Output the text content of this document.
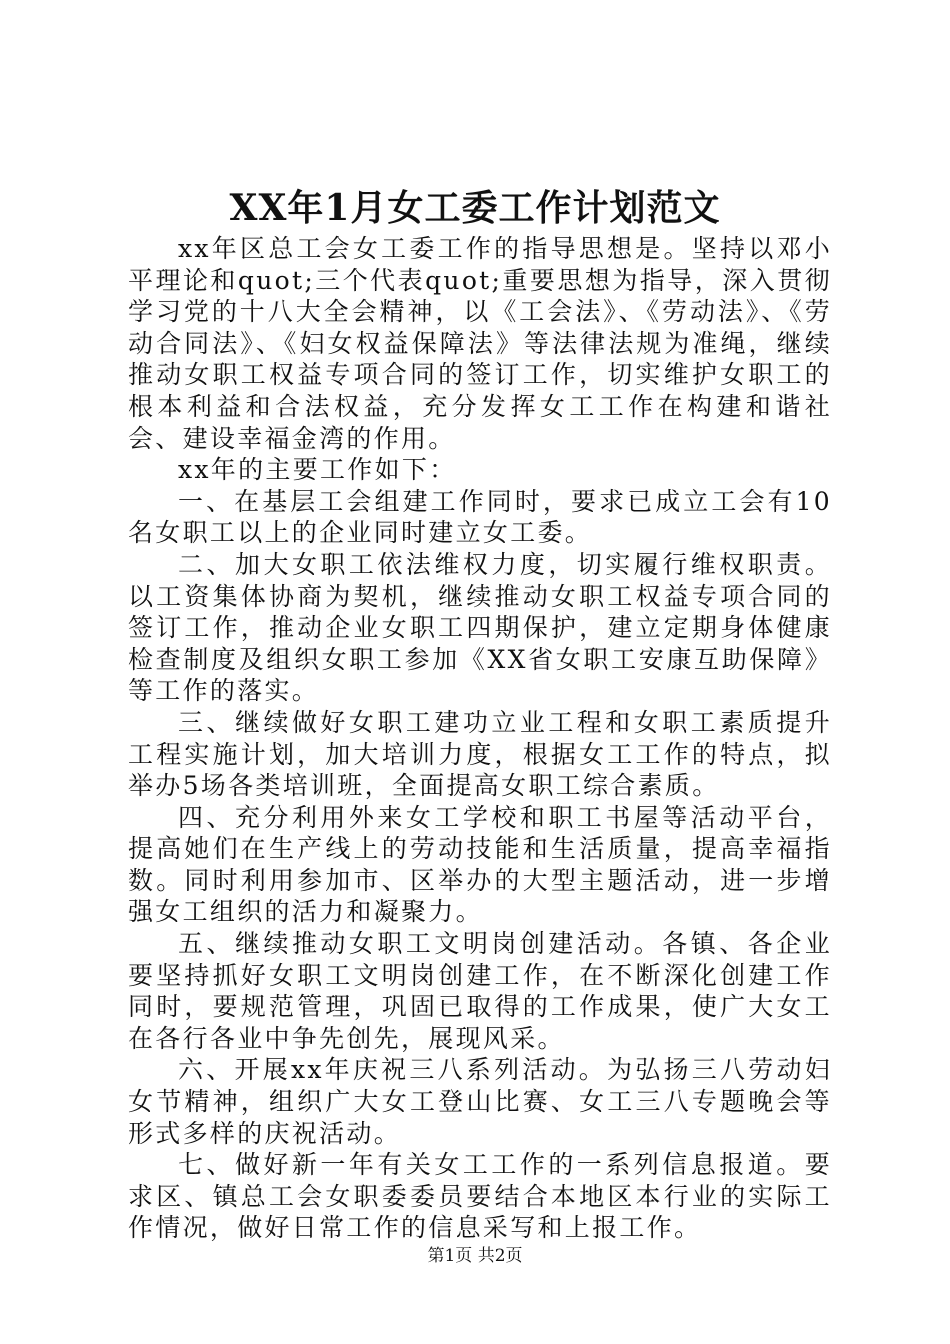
XX年1月女工委工作计划范文

xx年区总工会女工委工作的指导思想是。坚持以邓小平理论和quot;三个代表quot;重要思想为指导，深入贯彻学习党的十八大全会精神，以《工会法》、《劳动法》、《劳动合同法》、《妇女权益保障法》等法律法规为准绳，继续推动女职工权益专项合同的签订工作，切实维护女职工的根本利益和合法权益，充分发挥女工工作在构建和谐社会、建设幸福金湾的作用。

xx年的主要工作如下：

一、在基层工会组建工作同时，要求已成立工会有10名女职工以上的企业同时建立女工委。

二、加大女职工依法维权力度，切实履行维权职责。以工资集体协商为契机，继续推动女职工权益专项合同的签订工作，推动企业女职工四期保护，建立定期身体健康检查制度及组织女职工参加《XX省女职工安康互助保障》等工作的落实。

三、继续做好女职工建功立业工程和女职工素质提升工程实施计划，加大培训力度，根据女工工作的特点，拟举办5场各类培训班，全面提高女职工综合素质。

四、充分利用外来女工学校和职工书屋等活动平台，提高她们在生产线上的劳动技能和生活质量，提高幸福指数。同时利用参加市、区举办的大型主题活动，进一步增强女工组织的活力和凝聚力。

五、继续推动女职工文明岗创建活动。各镇、各企业要坚持抓好女职工文明岗创建工作，在不断深化创建工作同时，要规范管理，巩固已取得的工作成果，使广大女工在各行各业中争先创先，展现风采。

六、开展xx年庆祝三八系列活动。为弘扬三八劳动妇女节精神，组织广大女工登山比赛、女工三八专题晚会等形式多样的庆祝活动。

七、做好新一年有关女工工作的一系列信息报道。要求区、镇总工会女职委委员要结合本地区本行业的实际工作情况，做好日常工作的信息采写和上报工作。

第1页 共2页
